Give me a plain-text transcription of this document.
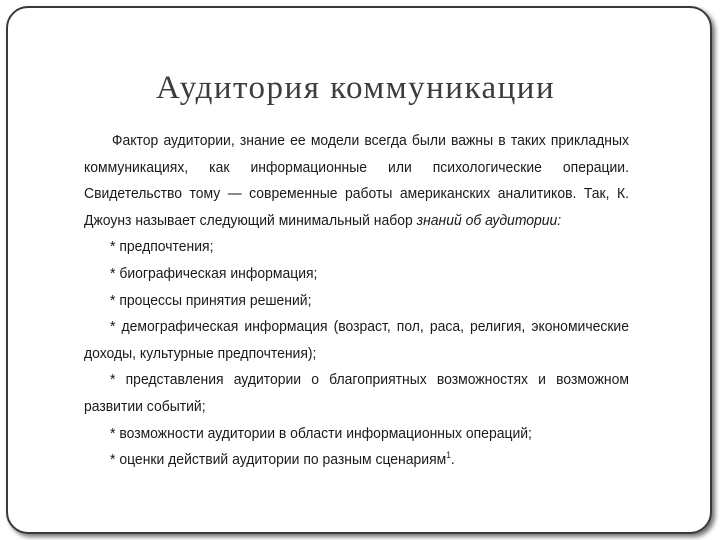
Аудитория коммуникации

Фактор аудитории, знание ее модели всегда были важны в таких прикладных коммуникациях, как информационные или психологические операции. Свидетельство тому — современные работы американских аналитиков. Так, К. Джоунз называет следующий минимальный набор знаний об аудитории:

* предпочтения;

* биографическая информация;

* процессы принятия решений;

* демографическая информация (возраст, пол, раса, религия, экономические доходы, культурные предпочтения);

* представления аудитории о благоприятных возможностях и возможном развитии событий;

* возможности аудитории в области информационных операций;

* оценки действий аудитории по разным сценариям$^1$.
